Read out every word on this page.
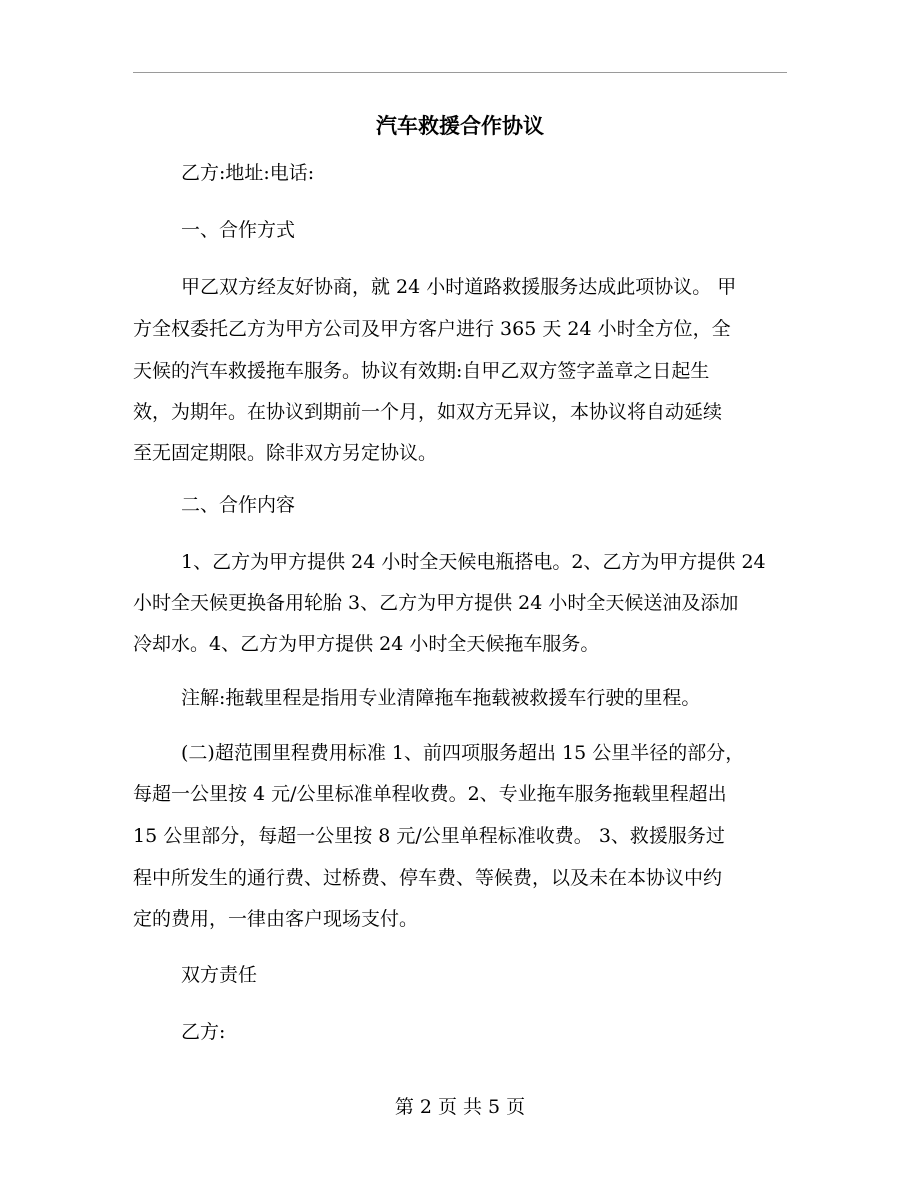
汽车救援合作协议
乙方:地址:电话:
一、合作方式
甲乙双方经友好协商，就 24 小时道路救援服务达成此项协议。 甲
方全权委托乙方为甲方公司及甲方客户进行 365 天 24 小时全方位，全
天候的汽车救援拖车服务。协议有效期:自甲乙双方签字盖章之日起生
效，为期年。在协议到期前一个月，如双方无异议，本协议将自动延续
至无固定期限。除非双方另定协议。
二、合作内容
1、乙方为甲方提供 24 小时全天候电瓶搭电。2、乙方为甲方提供 24
小时全天候更换备用轮胎 3、乙方为甲方提供 24 小时全天候送油及添加
冷却水。4、乙方为甲方提供 24 小时全天候拖车服务。
注解:拖载里程是指用专业清障拖车拖载被救援车行驶的里程。
(二)超范围里程费用标准 1、前四项服务超出 15 公里半径的部分，
每超一公里按 4 元/公里标准单程收费。2、专业拖车服务拖载里程超出
15 公里部分，每超一公里按 8 元/公里单程标准收费。 3、救援服务过
程中所发生的通行费、过桥费、停车费、等候费，以及未在本协议中约
定的费用，一律由客户现场支付。
双方责任
乙方:
第 2 页 共 5 页
